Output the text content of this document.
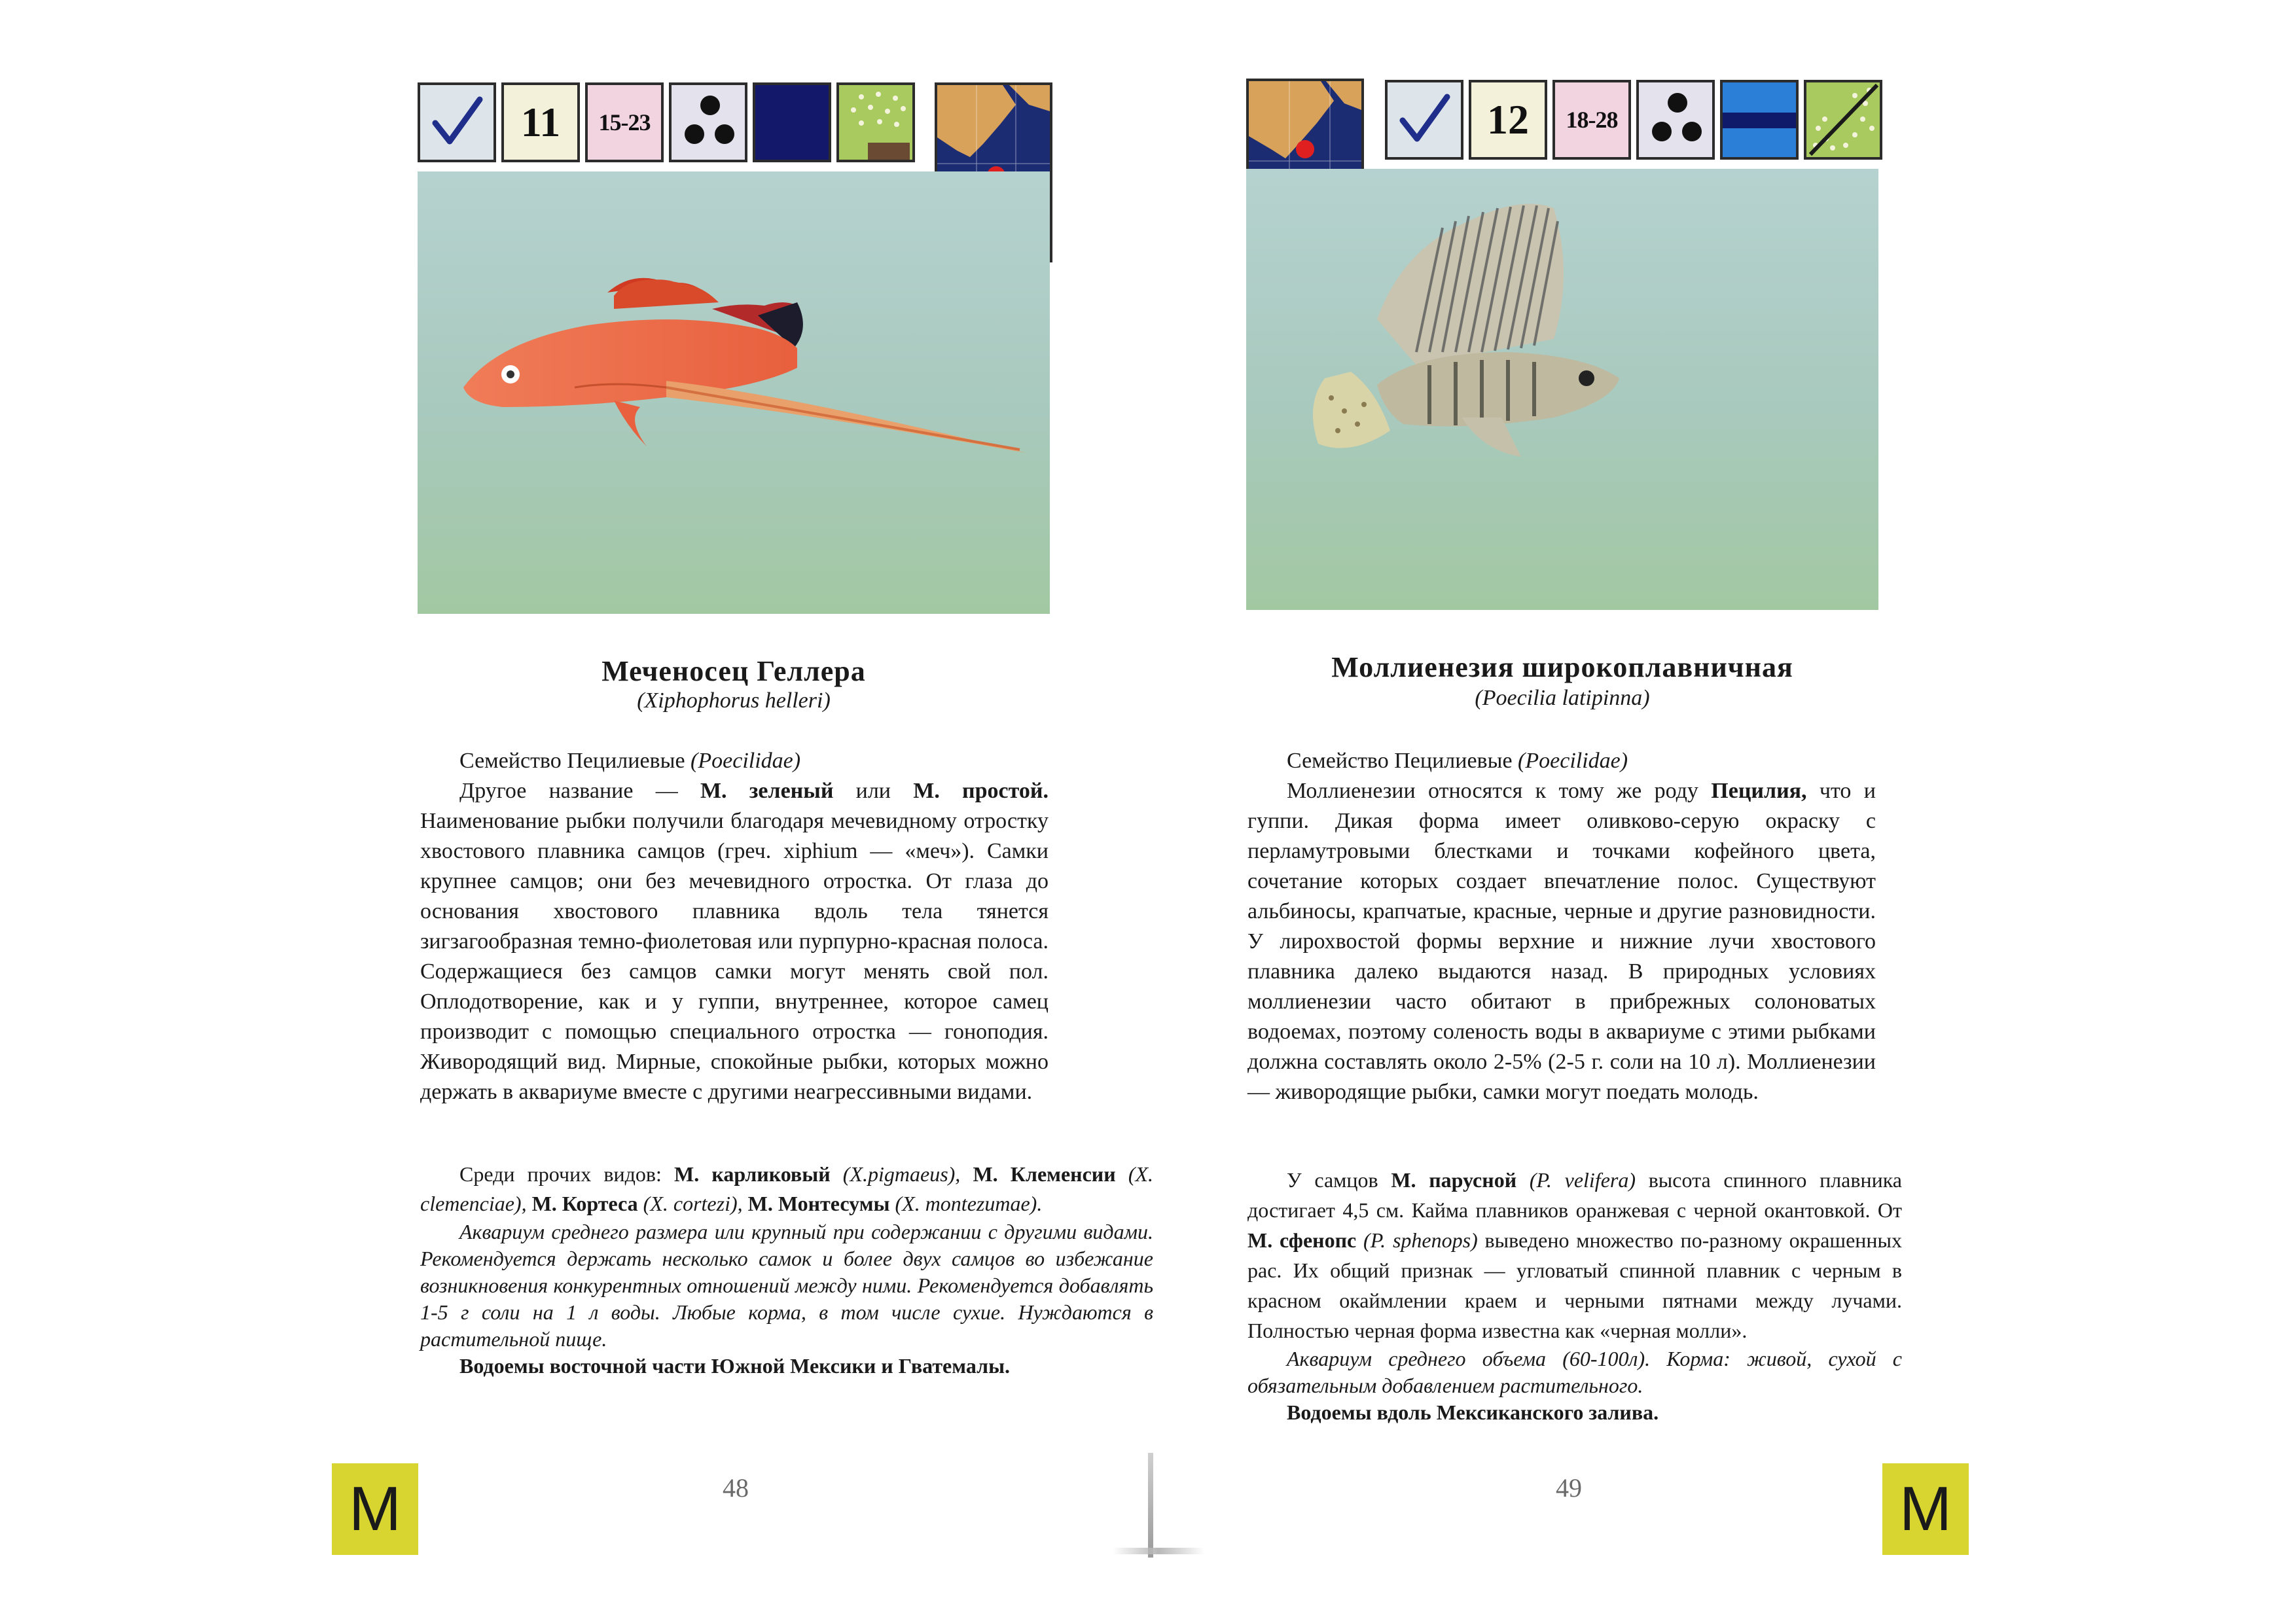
11	15-23
Меченосец Геллера
(Xiphophorus helleri)

Семейство Пецилиевые (Poecilidae)

Другое название — М. зеленый или М. простой. Наименование рыбки получили благодаря мечевидному отростку хвостового плавника самцов (греч. xiphium — «меч»). Самки крупнее самцов; они без мечевидного отростка. От глаза до основания хвостового плавника вдоль тела тянется зигзагообразная темно-фиолетовая или пурпурно-красная полоса. Содержащиеся без самцов самки могут менять свой пол. Оплодотворение, как и у гуппи, внутреннее, которое самец производит с помощью специального отростка — гоноподия. Живородящий вид. Мирные, спокойные рыбки, которых можно держать в аквариуме вместе с другими неагрессивными видами.

Среди прочих видов: М. карликовый (X.pigmaeus), М. Клеменсии (X. clemenciae), М. Кортеса (X. cortezi), М. Монтесумы (X. montezumae).

Аквариум среднего размера или крупный при содержании с другими видами. Рекомендуется держать несколько самок и более двух самцов во избежание возникновения конкурентных отношений между ними. Рекомендуется добавлять 1-5 г соли на 1 л воды. Любые корма, в том числе сухие. Нуждаются в растительной пище.

Водоемы восточной части Южной Мексики и Гватемалы.

48
М
12	18-28
Моллиенезия широкоплавничная
(Poecilia latipinna)

Семейство Пецилиевые (Poecilidae)

Моллиенезии относятся к тому же роду Пецилия, что и гуппи. Дикая форма имеет оливково-серую окраску с перламутровыми блестками и точками кофейного цвета, сочетание которых создает впечатление полос. Существуют альбиносы, крапчатые, красные, черные и другие разновидности. У лирохвостой формы верхние и нижние лучи хвостового плавника далеко выдаются назад. В природных условиях моллиенезии часто обитают в прибрежных солоноватых водоемах, поэтому соленость воды в аквариуме с этими рыбками должна составлять около 2-5% (2-5 г. соли на 10 л). Моллиенезии — живородящие рыбки, самки могут поедать молодь.

У самцов М. парусной (P. velifera) высота спинного плавника достигает 4,5 см. Кайма плавников оранжевая с черной окантовкой. От М. сфенопс (P. sphenops) выведено множество по-разному окрашенных рас. Их общий признак — угловатый спинной плавник с черным в красном окаймлении краем и черными пятнами между лучами. Полностью черная форма известна как «черная молли».

Аквариум среднего объема (60-100л). Корма: живой, сухой с обязательным добавлением растительного.

Водоемы вдоль Мексиканского залива.

49	М
